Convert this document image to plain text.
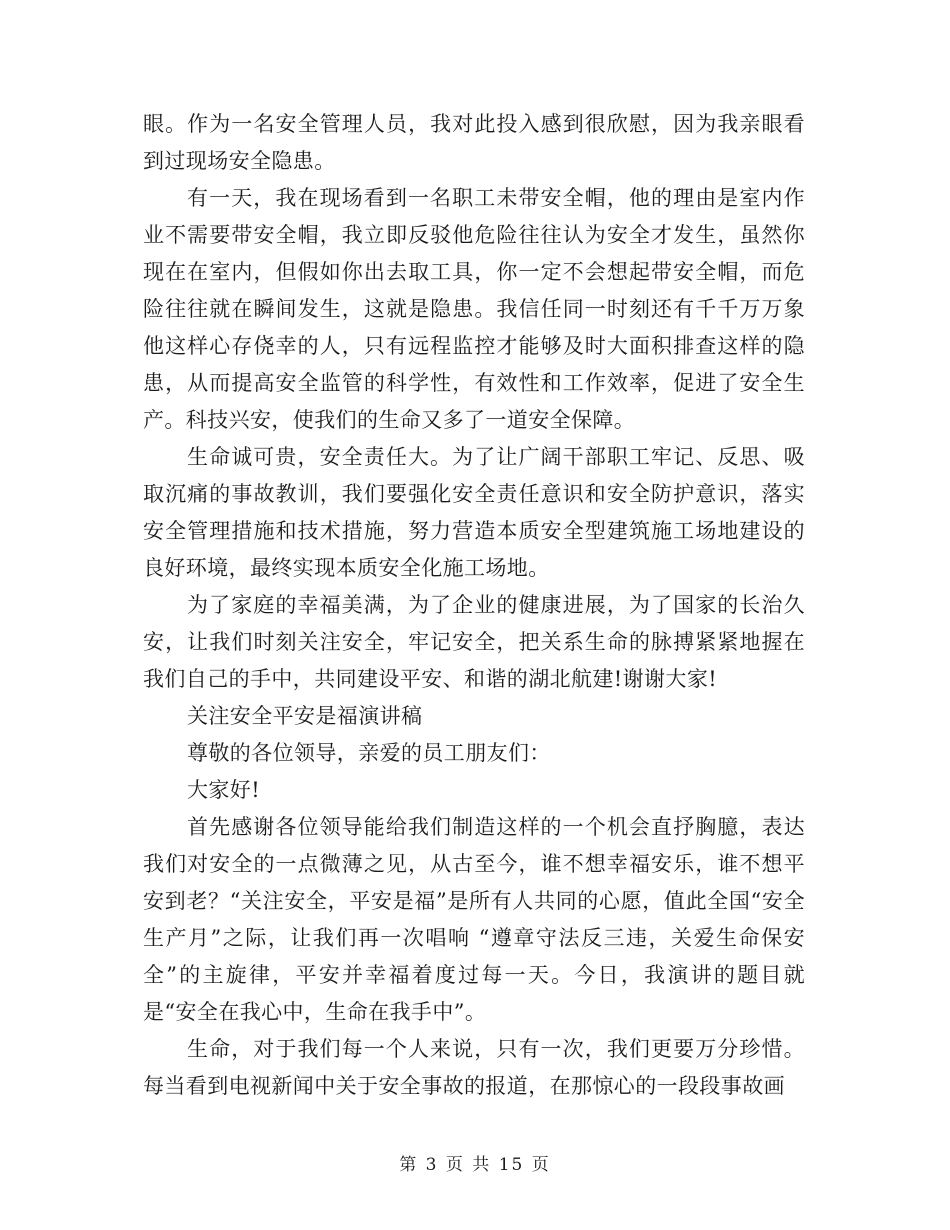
眼。作为一名安全管理人员，我对此投入感到很欣慰，因为我亲眼看到过现场安全隐患。

有一天，我在现场看到一名职工未带安全帽，他的理由是室内作业不需要带安全帽，我立即反驳他危险往往认为安全才发生，虽然你现在在室内，但假如你出去取工具，你一定不会想起带安全帽，而危险往往就在瞬间发生，这就是隐患。我信任同一时刻还有千千万万象他这样心存侥幸的人，只有远程监控才能够及时大面积排查这样的隐患，从而提高安全监管的科学性，有效性和工作效率，促进了安全生产。科技兴安，使我们的生命又多了一道安全保障。

生命诚可贵，安全责任大。为了让广阔干部职工牢记、反思、吸取沉痛的事故教训，我们要强化安全责任意识和安全防护意识，落实安全管理措施和技术措施，努力营造本质安全型建筑施工场地建设的良好环境，最终实现本质安全化施工场地。

为了家庭的幸福美满，为了企业的健康进展，为了国家的长治久安，让我们时刻关注安全，牢记安全，把关系生命的脉搏紧紧地握在我们自己的手中，共同建设平安、和谐的湖北航建!谢谢大家!

关注安全平安是福演讲稿

尊敬的各位领导，亲爱的员工朋友们：

大家好!

首先感谢各位领导能给我们制造这样的一个机会直抒胸臆，表达我们对安全的一点微薄之见，从古至今，谁不想幸福安乐，谁不想平安到老？“关注安全，平安是福”是所有人共同的心愿，值此全国“安全生产月”之际，让我们再一次唱响 “遵章守法反三违，关爱生命保安全”的主旋律，平安并幸福着度过每一天。今日，我演讲的题目就是“安全在我心中，生命在我手中”。

生命，对于我们每一个人来说，只有一次，我们更要万分珍惜。每当看到电视新闻中关于安全事故的报道，在那惊心的一段段事故画

第 3 页 共 15 页
